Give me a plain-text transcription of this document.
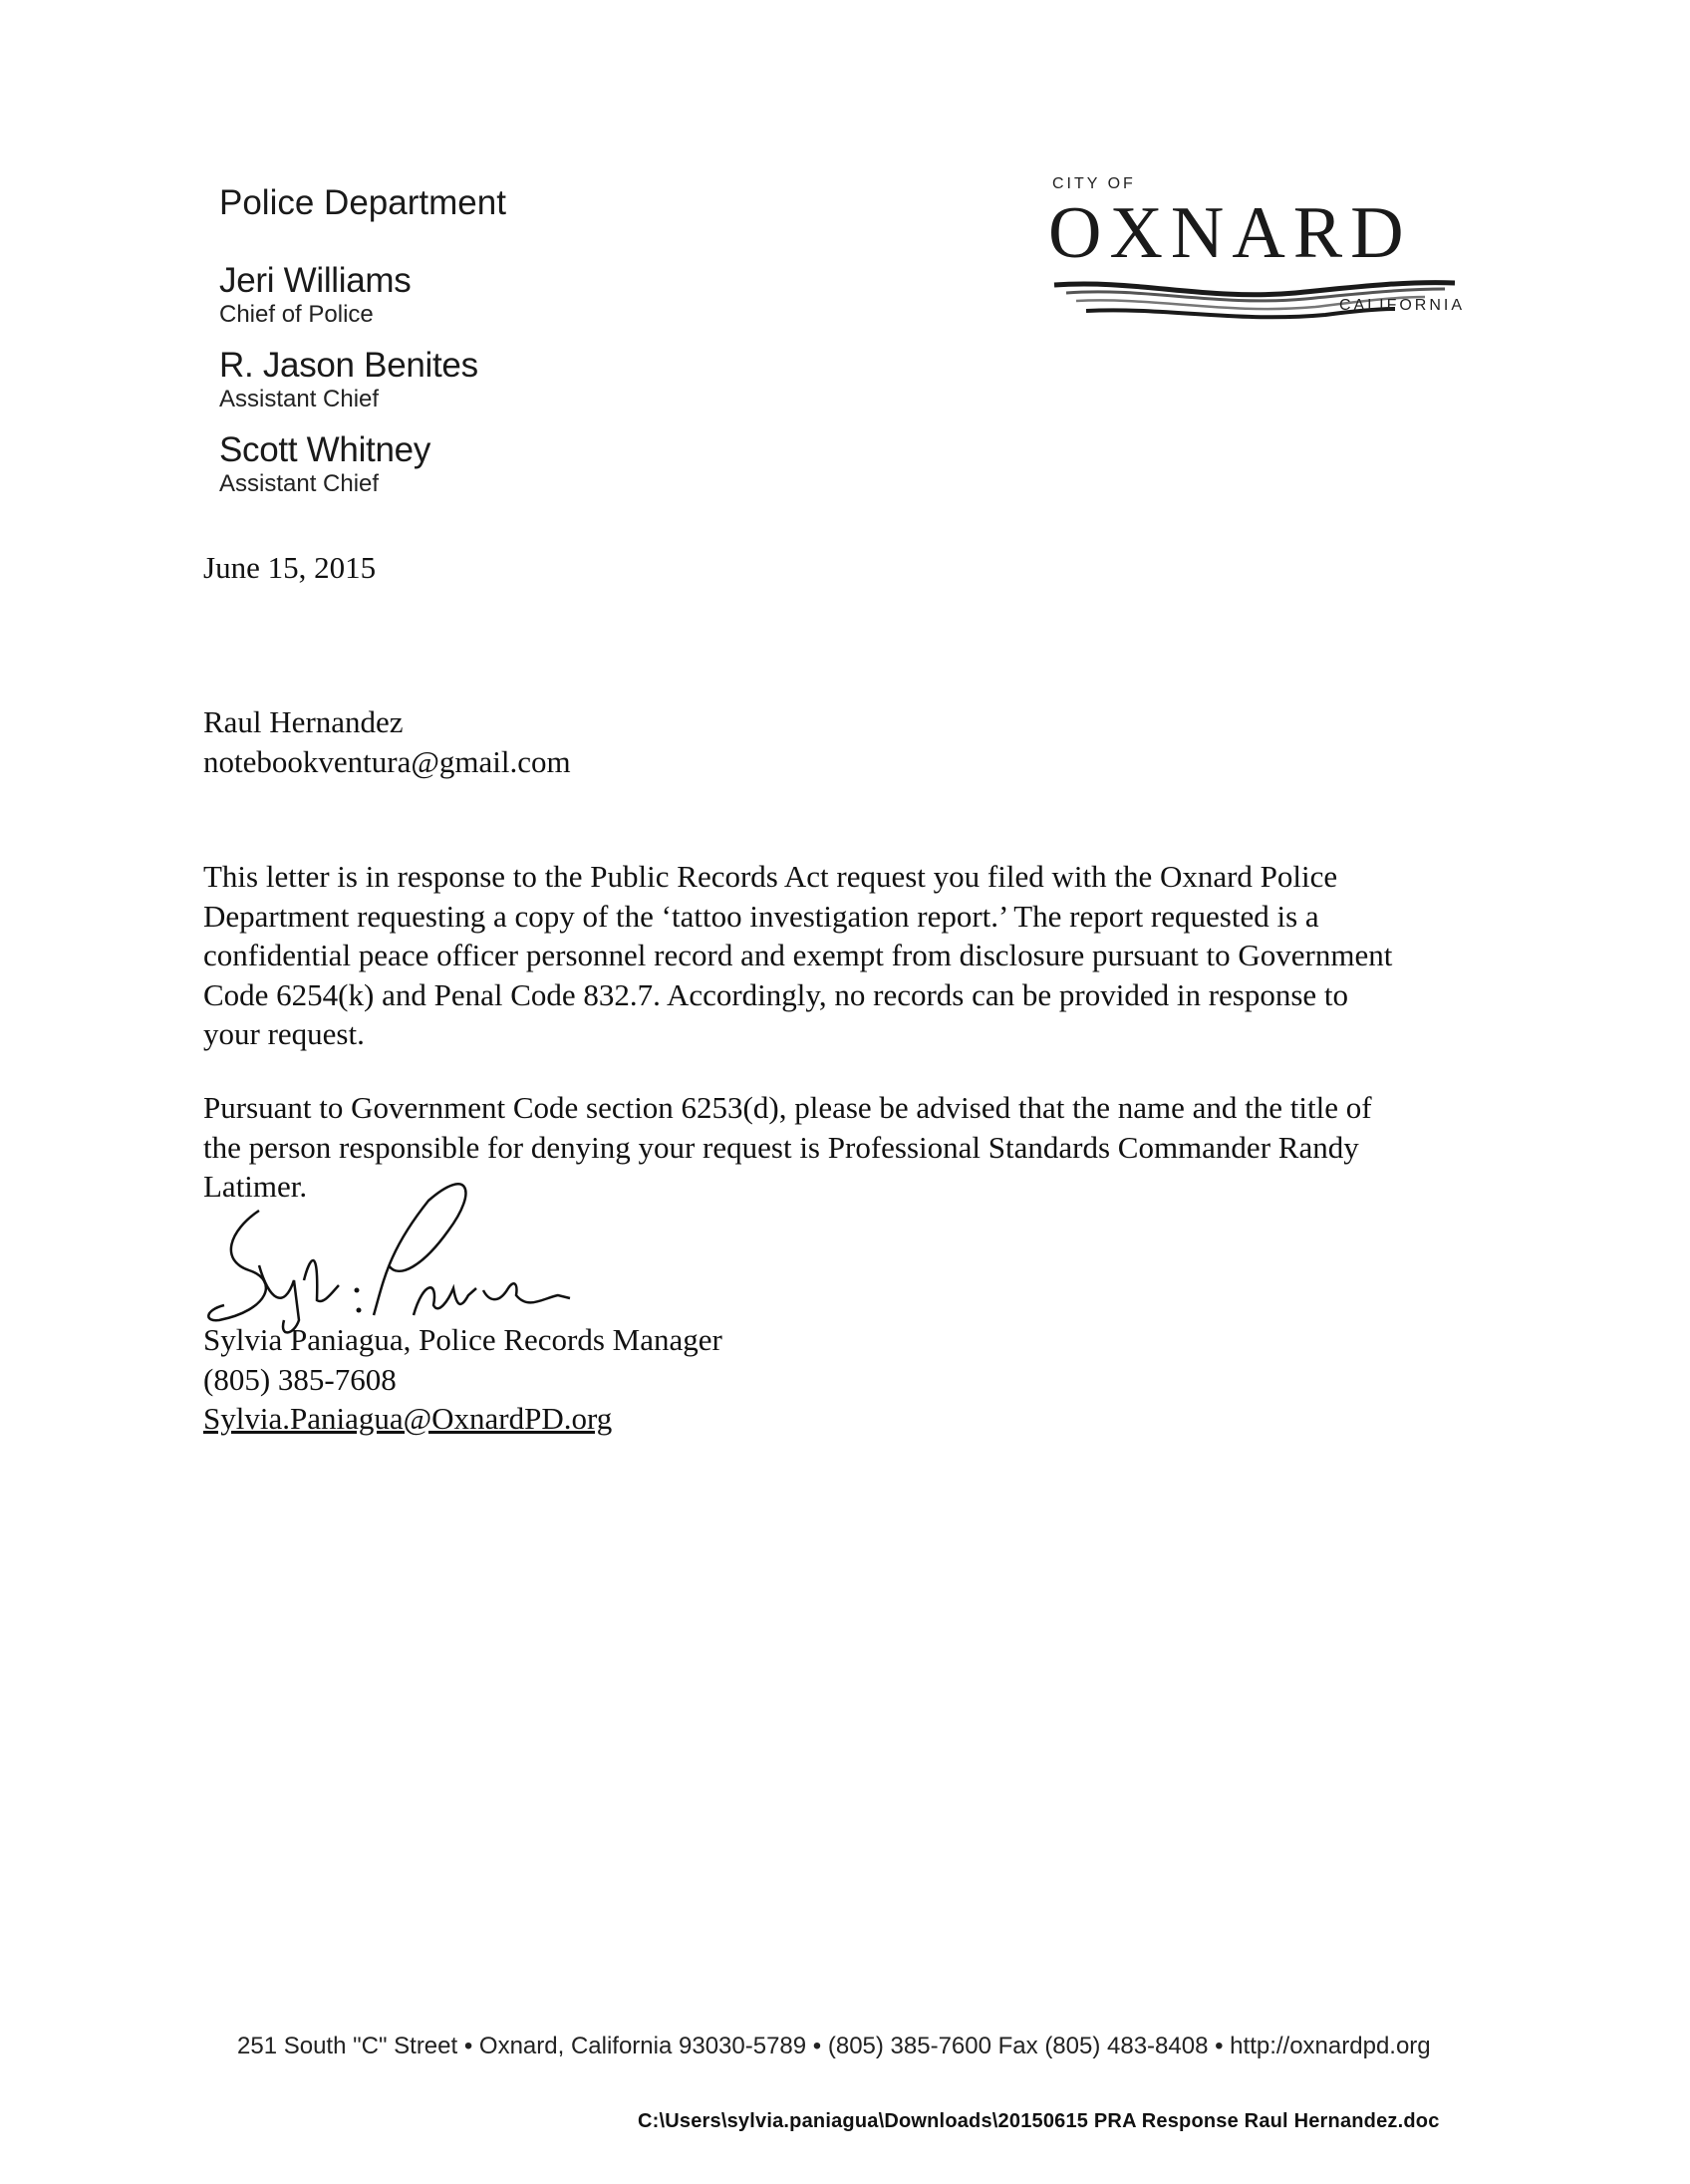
Police Department
Jeri Williams
Chief of Police
R. Jason Benites
Assistant Chief
Scott Whitney
Assistant Chief
CITY OF
OXNARD
CALIFORNIA
June 15, 2015
Raul Hernandez
notebookventura@gmail.com
This letter is in response to the Public Records Act request you filed with the Oxnard Police
Department requesting a copy of the ‘tattoo investigation report.’ The report requested is a
confidential peace officer personnel record and exempt from disclosure pursuant to Government
Code 6254(k) and Penal Code 832.7. Accordingly, no records can be provided in response to
your request.
Pursuant to Government Code section 6253(d), please be advised that the name and the title of
the person responsible for denying your request is Professional Standards Commander Randy
Latimer.
Sylvia Paniagua, Police Records Manager
(805) 385-7608
Sylvia.Paniagua@OxnardPD.org
251 South "C" Street • Oxnard, California 93030-5789 • (805) 385-7600 Fax (805) 483-8408 • http://oxnardpd.org
C:\Users\sylvia.paniagua\Downloads\20150615 PRA Response Raul Hernandez.doc
